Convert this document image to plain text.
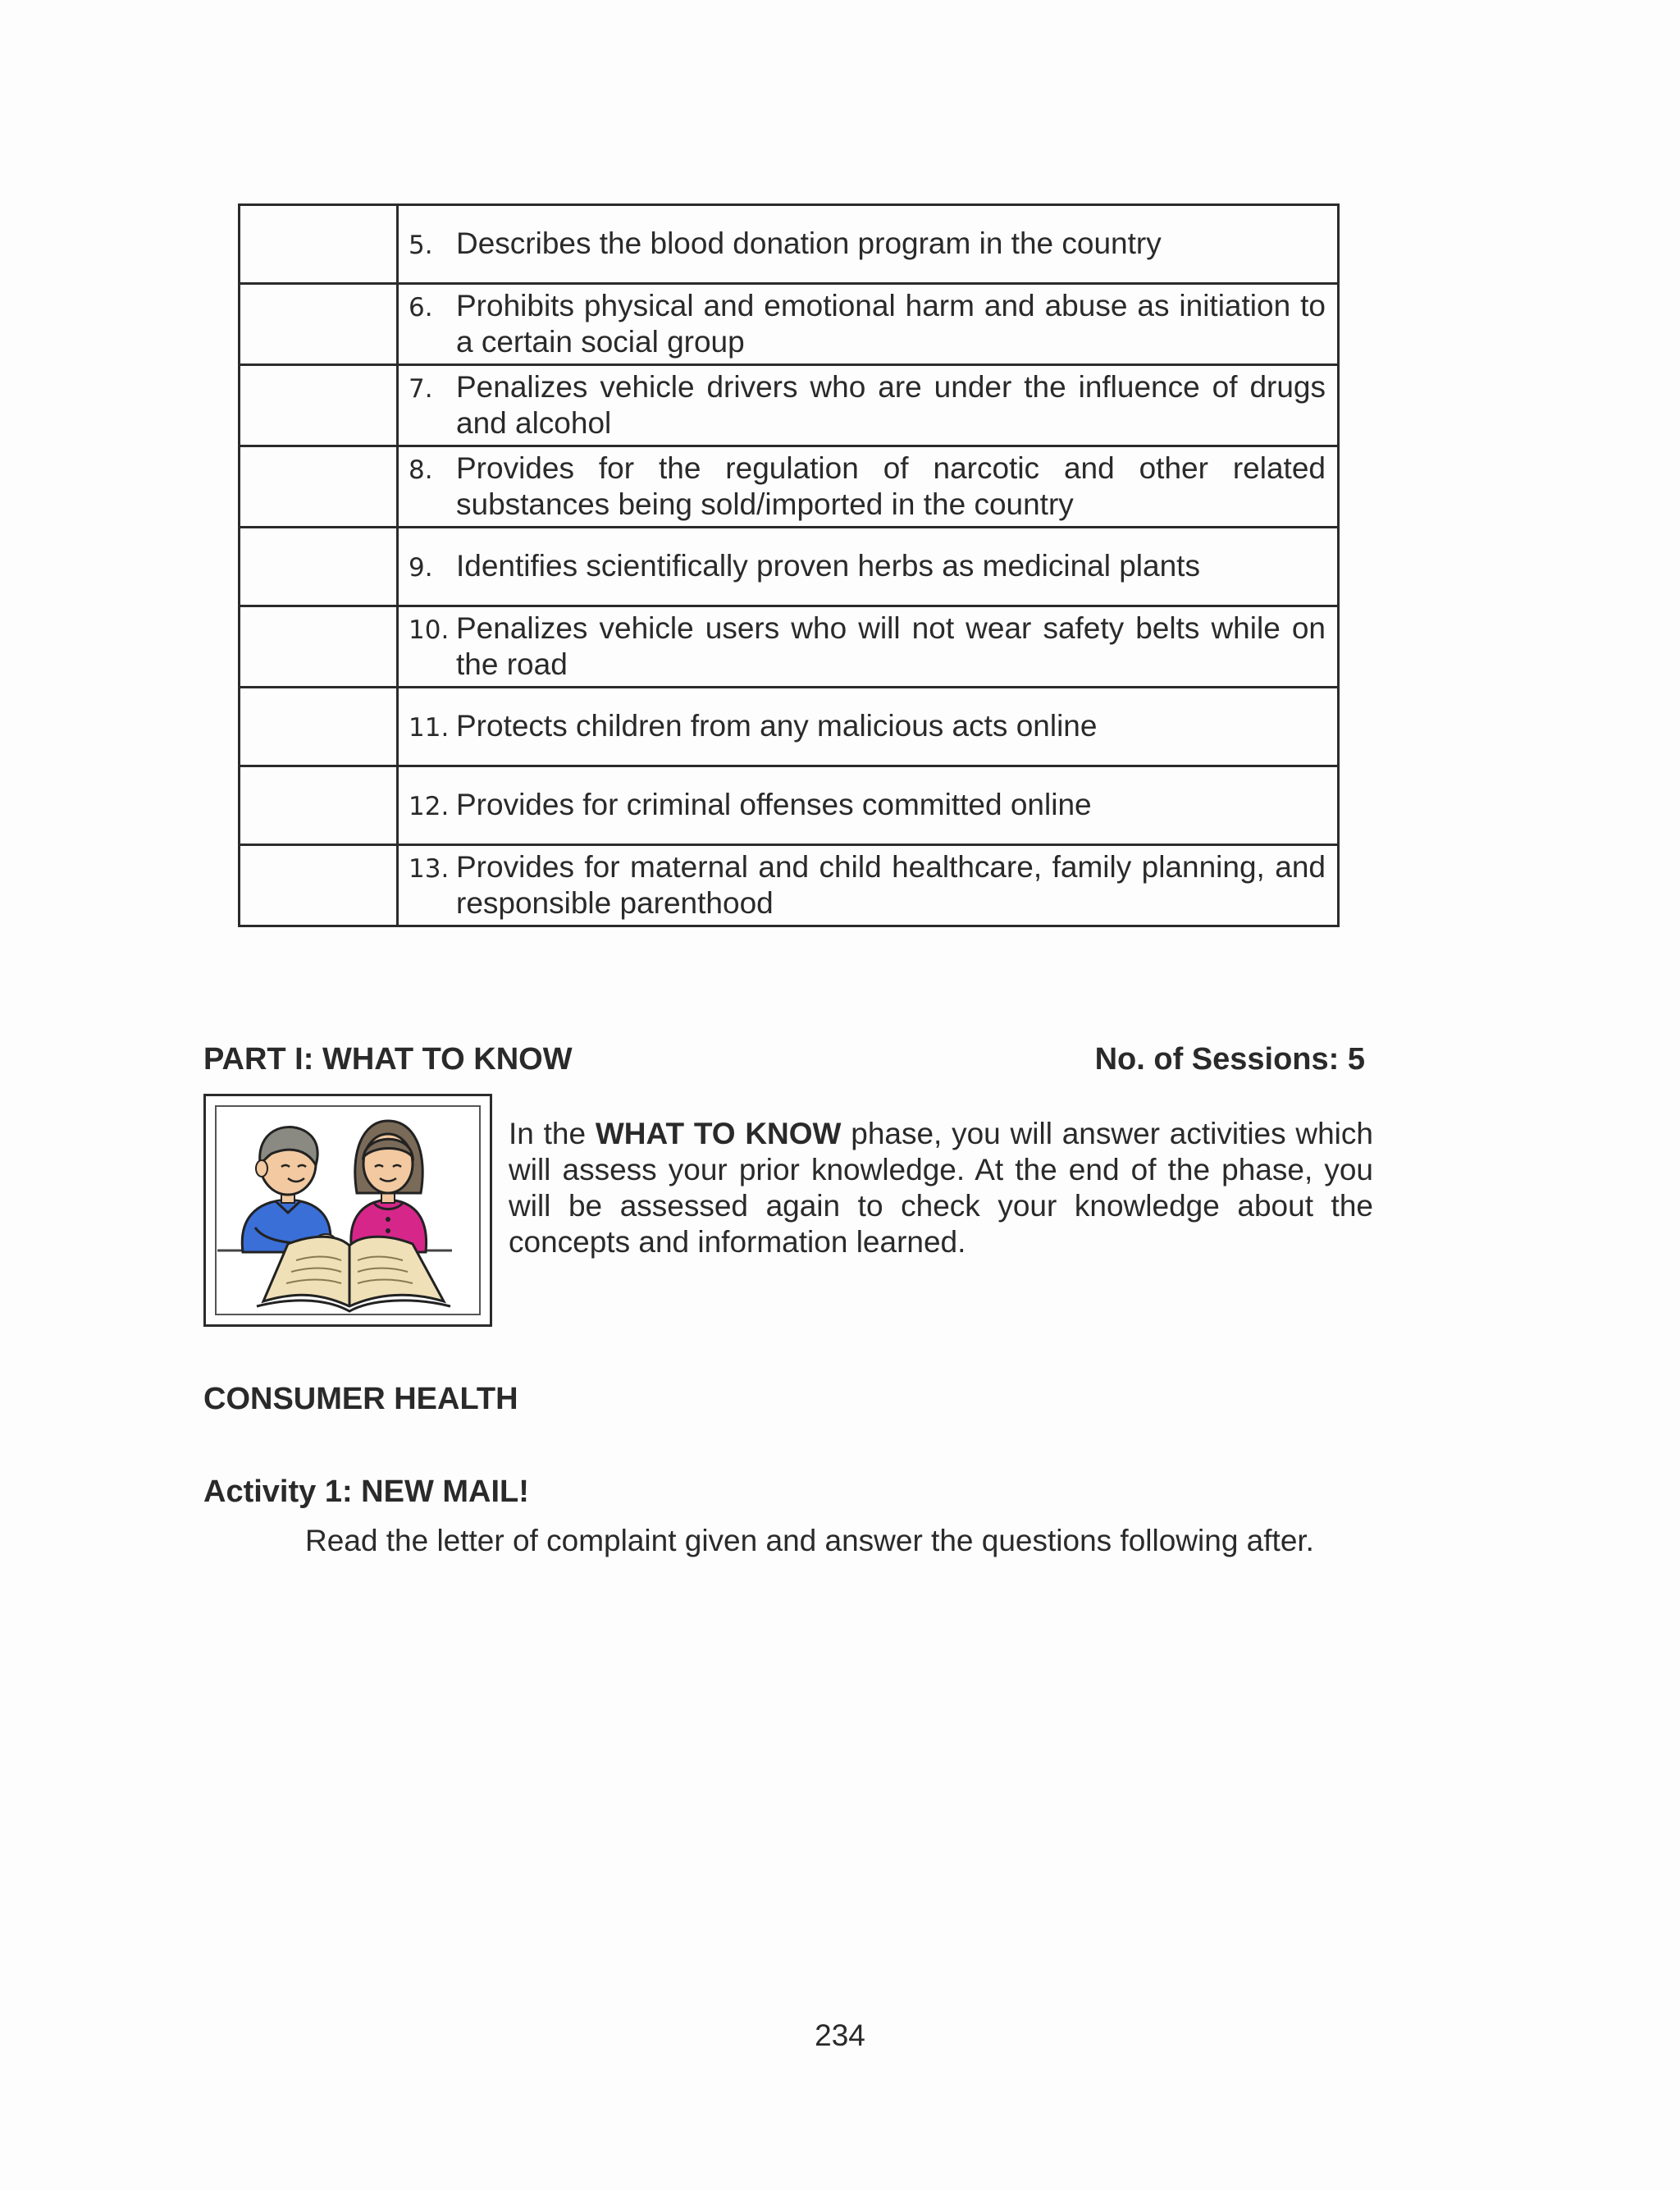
	5. Describes the blood donation program in the country

	6. Prohibits physical and emotional harm and abuse as initiation to a certain social group

	7. Penalizes vehicle drivers who are under the influence of drugs and alcohol

	8. Provides for the regulation of narcotic and other related substances being sold/imported in the country

	9. Identifies scientifically proven herbs as medicinal plants

	10. Penalizes vehicle users who will not wear safety belts while on the road

	11. Protects children from any malicious acts online

	12. Provides for criminal offenses committed online

	13. Provides for maternal and child healthcare, family planning, and responsible parenthood
PART I: WHAT TO KNOW	No. of Sessions: 5
In the WHAT TO KNOW phase, you will answer activities which will assess your prior knowledge. At the end of the phase, you will be assessed again to check your knowledge about the concepts and information learned.
CONSUMER HEALTH
Activity 1: NEW MAIL!
Read the letter of complaint given and answer the questions following after.
234
